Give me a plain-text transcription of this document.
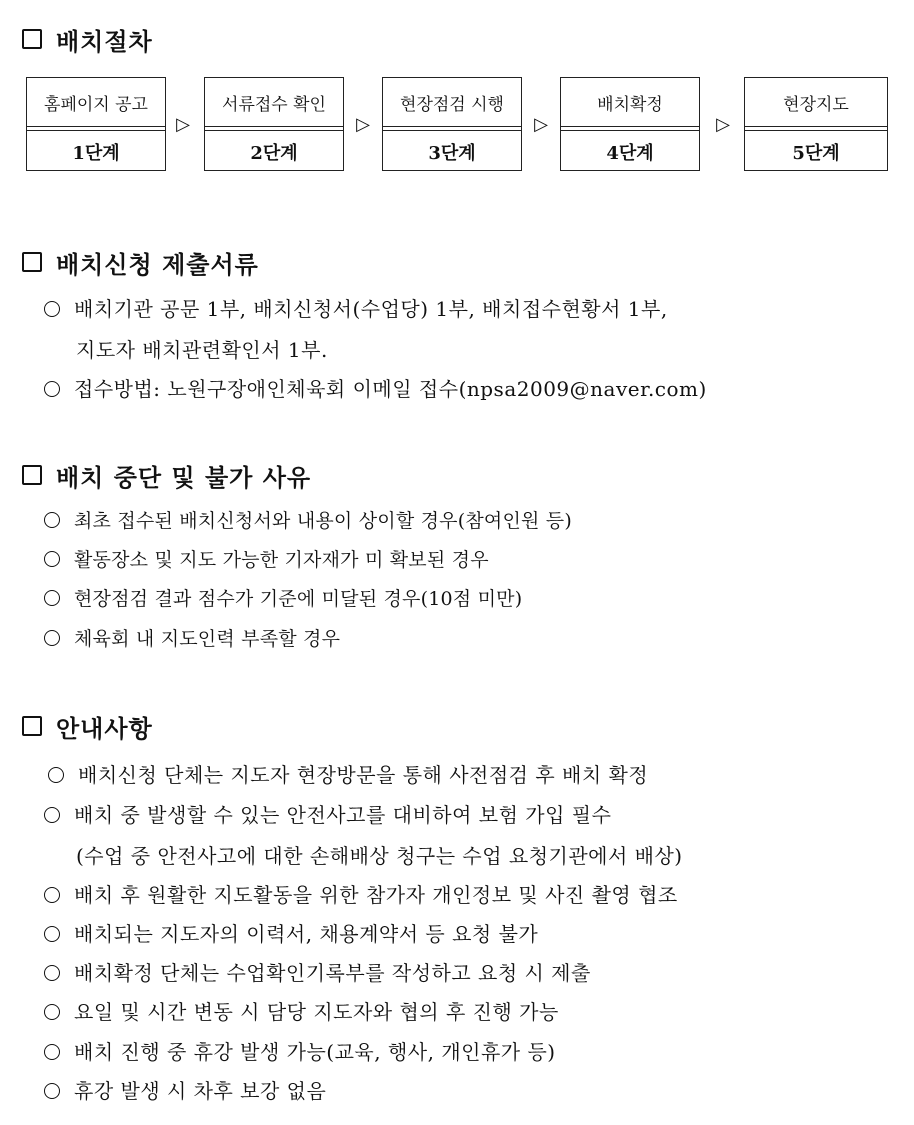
배치절차
홈페이지 공고
1단계
▷
서류접수 확인
2단계
▷
현장점검 시행
3단계
▷
배치확정
4단계
▷
현장지도
5단계
배치신청 제출서류
배치기관 공문 1부, 배치신청서(수업당) 1부, 배치접수현황서 1부,
지도자 배치관련확인서 1부.
접수방법: 노원구장애인체육회 이메일 접수(npsa2009@naver.com)
배치 중단 및 불가 사유
최초 접수된 배치신청서와 내용이 상이할 경우(참여인원 등)
활동장소 및 지도 가능한 기자재가 미 확보된 경우
현장점검 결과 점수가 기준에 미달된 경우(10점 미만)
체육회 내 지도인력 부족할 경우
안내사항
배치신청 단체는 지도자 현장방문을 통해 사전점검 후 배치 확정
배치 중 발생할 수 있는 안전사고를 대비하여 보험 가입 필수
(수업 중 안전사고에 대한 손해배상 청구는 수업 요청기관에서 배상)
배치 후 원활한 지도활동을 위한 참가자 개인정보 및 사진 촬영 협조
배치되는 지도자의 이력서, 채용계약서 등 요청 불가
배치확정 단체는 수업확인기록부를 작성하고 요청 시 제출
요일 및 시간 변동 시 담당 지도자와 협의 후 진행 가능
배치 진행 중 휴강 발생 가능(교육, 행사, 개인휴가 등)
휴강 발생 시 차후 보강 없음
